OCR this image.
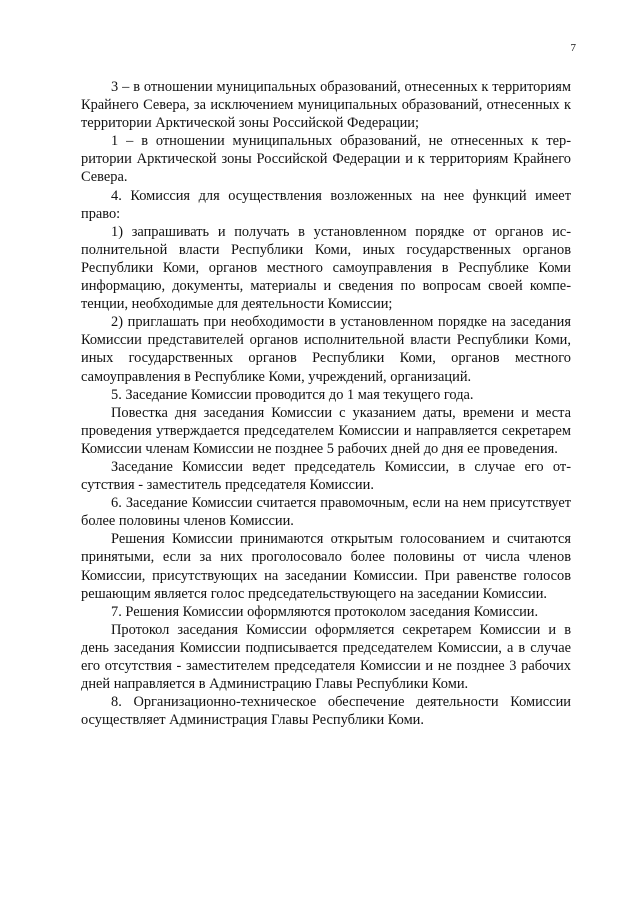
7

3 – в отношении муниципальных образований, отнесенных к территориям Крайнего Севера, за исключением муниципальных образований, отнесенных к территории Арктической зоны Российской Федерации;

1 – в отношении муниципальных образований, не отнесенных к территории Арктической зоны Российской Федерации и к территориям Крайнего Севера.

4. Комиссия для осуществления возложенных на нее функций имеет право:

1) запрашивать и получать в установленном порядке от органов исполнительной власти Республики Коми, иных государственных органов Республики Коми, органов местного самоуправления в Республике Коми информацию, документы, материалы и сведения по вопросам своей компетенции, необходимые для деятельности Комиссии;

2) приглашать при необходимости в установленном порядке на заседания Комиссии представителей органов исполнительной власти Республики Коми, иных государственных органов Республики Коми, органов местного самоуправления в Республике Коми, учреждений, организаций.

5. Заседание Комиссии проводится до 1 мая текущего года.

Повестка дня заседания Комиссии с указанием даты, времени и места проведения утверждается председателем Комиссии и направляется секретарем Комиссии членам Комиссии не позднее 5 рабочих дней до дня ее проведения.

Заседание Комиссии ведет председатель Комиссии, в случае его отсутствия - заместитель председателя Комиссии.

6. Заседание Комиссии считается правомочным, если на нем присутствует более половины членов Комиссии.

Решения Комиссии принимаются открытым голосованием и считаются принятыми, если за них проголосовало более половины от числа членов Комиссии, присутствующих на заседании Комиссии. При равенстве голосов решающим является голос председательствующего на заседании Комиссии.

7. Решения Комиссии оформляются протоколом заседания Комиссии.

Протокол заседания Комиссии оформляется секретарем Комиссии и в день заседания Комиссии подписывается председателем Комиссии, а в случае его отсутствия - заместителем председателя Комиссии и не позднее 3 рабочих дней направляется в Администрацию Главы Республики Коми.

8. Организационно-техническое обеспечение деятельности Комиссии осуществляет Администрация Главы Республики Коми.
